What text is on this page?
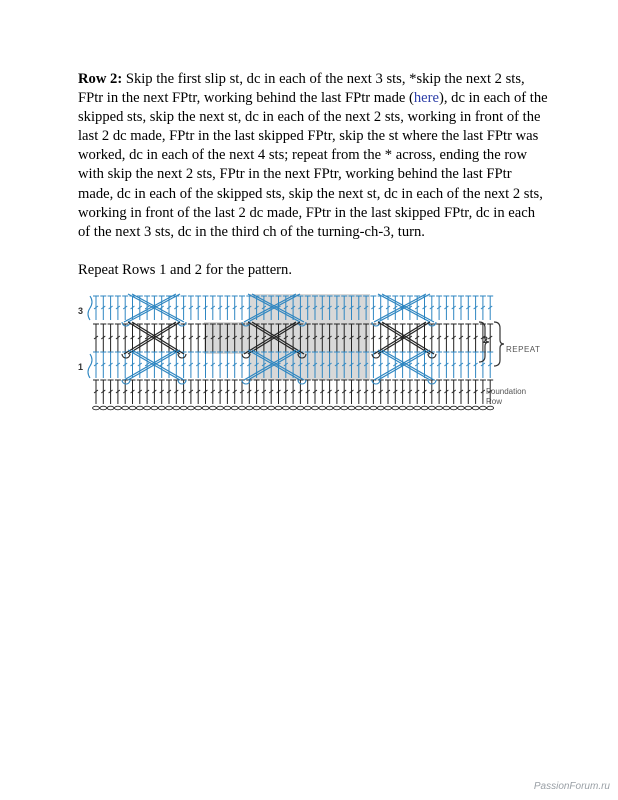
Row 2: Skip the first slip st, dc in each of the next 3 sts, *skip the next 2 sts, FPtr in the next FPtr, working behind the last FPtr made (here), dc in each of the skipped sts, skip the next st, dc in each of the next 2 sts, working in front of the last 2 dc made, FPtr in the last skipped FPtr, skip the st where the last FPtr was worked, dc in each of the next 4 sts; repeat from the * across, ending the row with skip the next 2 sts, FPtr in the next FPtr, working behind the last FPtr made, dc in each of the skipped sts, skip the next st, dc in each of the next 2 sts, working in front of the last 2 dc made, FPtr in the last skipped FPtr, dc in each of the next 3 sts, dc in the third ch of the turning-ch-3, turn.
Repeat Rows 1 and 2 for the pattern.
3
1
2
REPEAT
Foundation
Row
PassionForum.ru
